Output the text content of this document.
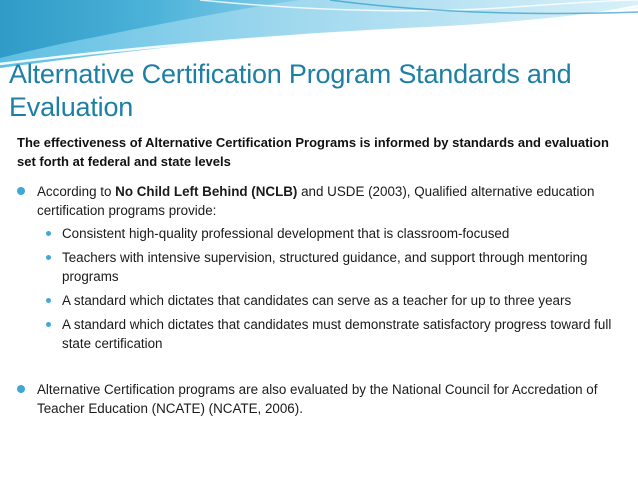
Alternative Certification Program Standards and Evaluation

The effectiveness of Alternative Certification Programs is informed by standards and evaluation set forth at federal and state levels

According to No Child Left Behind (NCLB) and USDE (2003), Qualified alternative education certification programs provide:
Consistent high-quality professional development that is classroom-focused
Teachers with intensive supervision, structured guidance, and support through mentoring programs
A standard which dictates that candidates can serve as a teacher for up to three years
A standard which dictates that candidates must demonstrate satisfactory progress toward full state certification
Alternative Certification programs are also evaluated by the National Council for Accredation of Teacher Education (NCATE) (NCATE, 2006).
